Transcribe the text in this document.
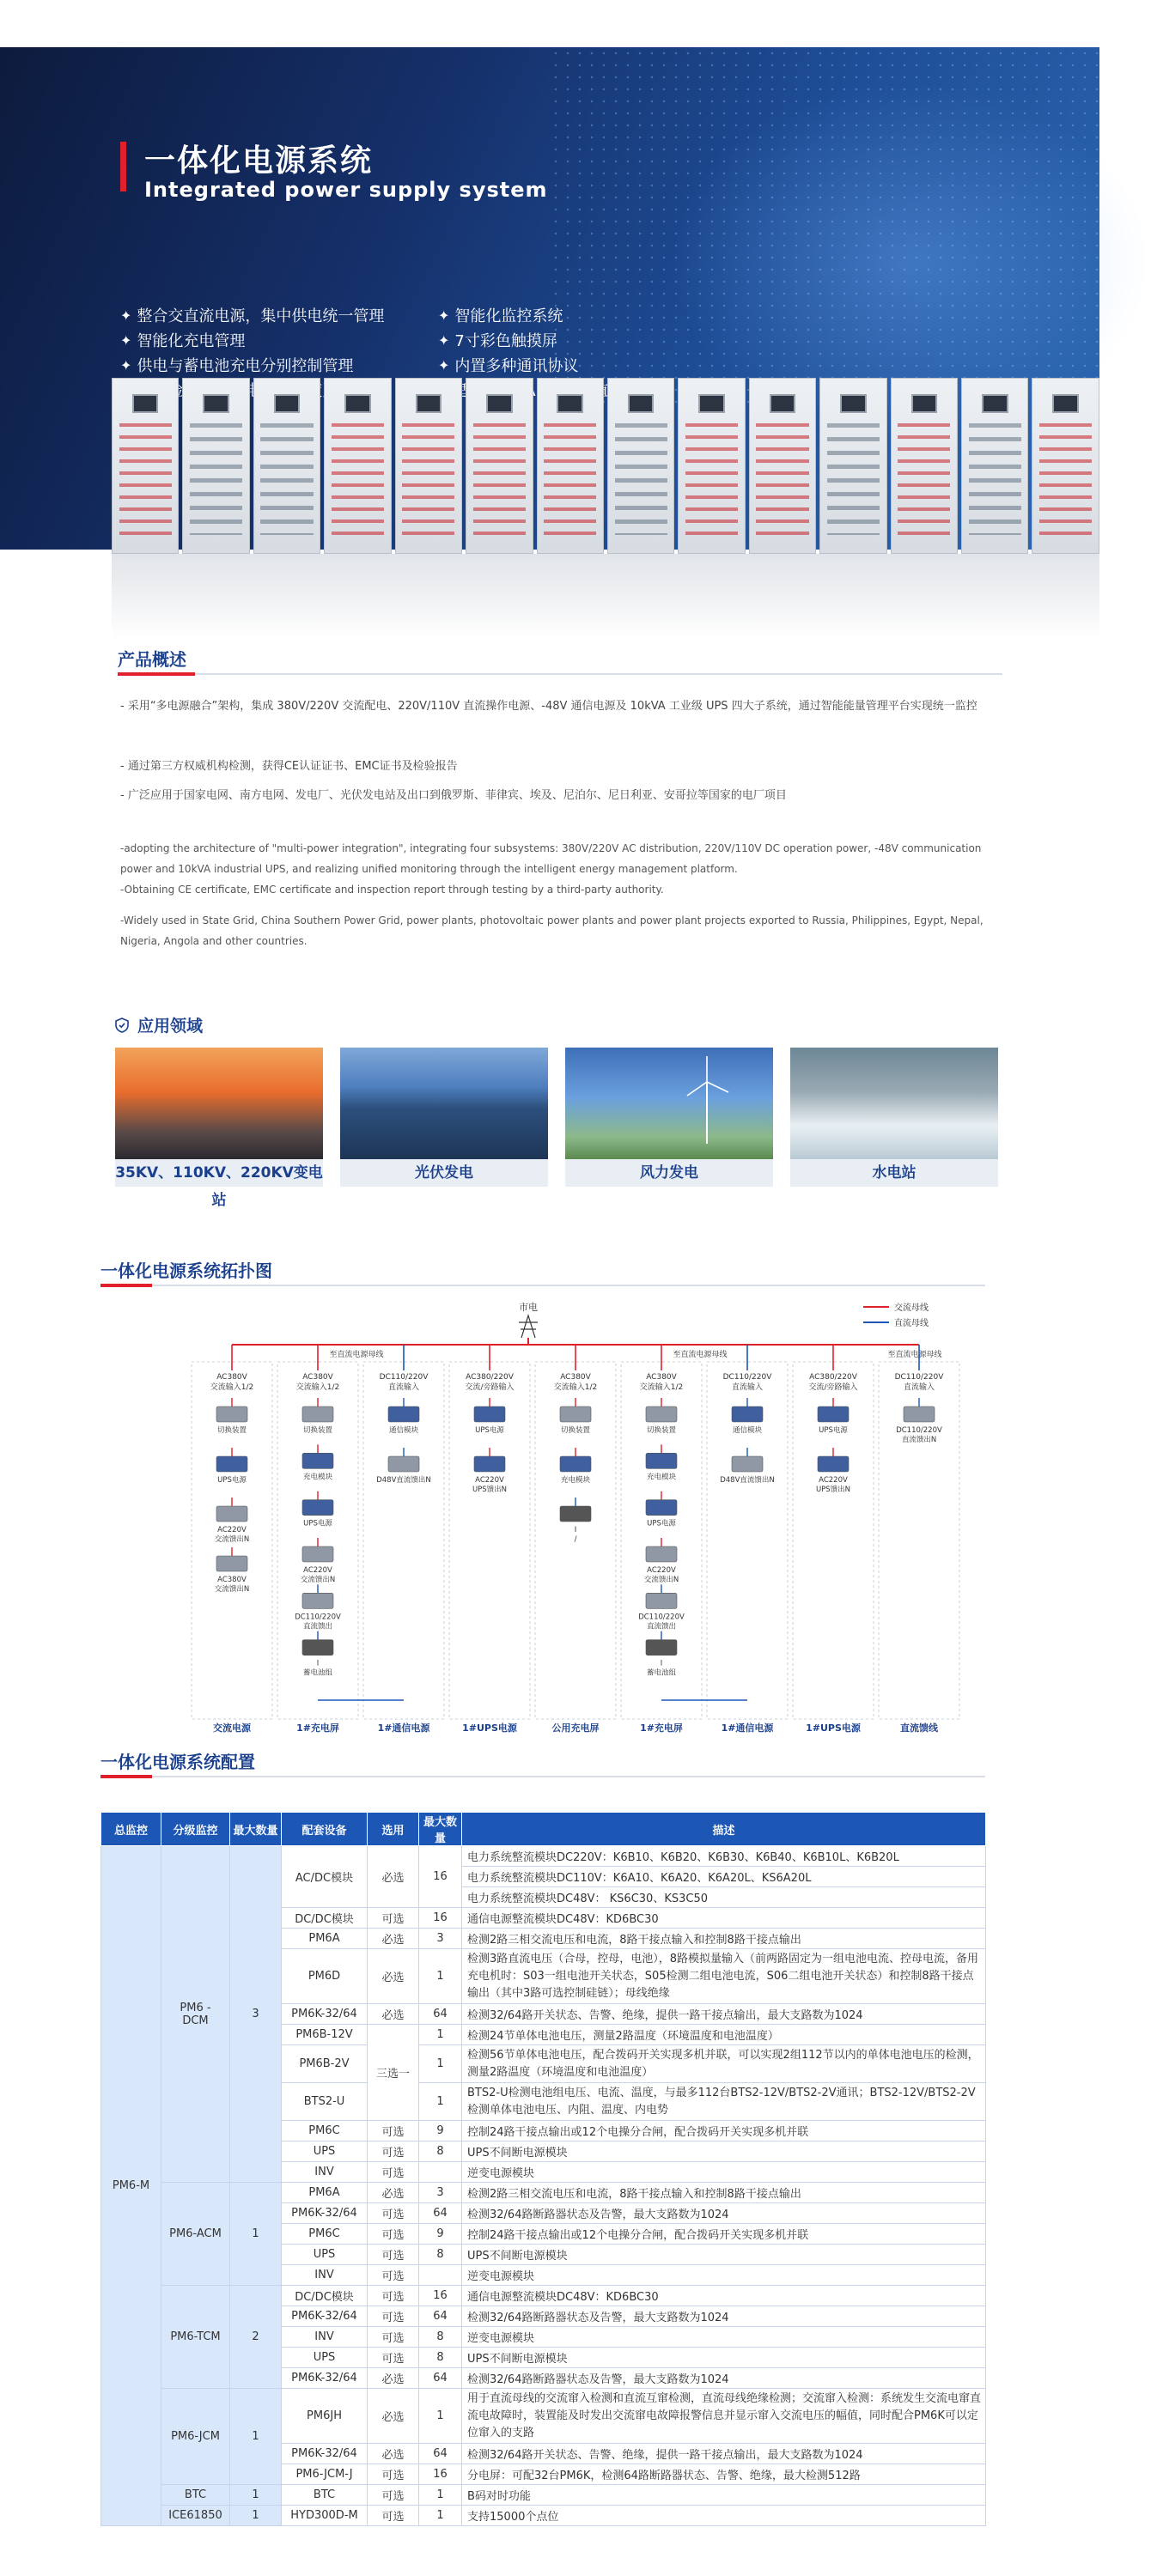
一体化电源系统
Integrated power supply system
✦ 整合交直流电源，集中供电统一管理	✦ 智能化监控系统
✦ 智能化充电管理	✦ 7寸彩色触摸屏
✦ 供电与蓄电池充电分别控制管理	✦ 内置多种通讯协议
产品概述
- 采用“多电源融合”架构，集成 380V/220V 交流配电、220V/110V 直流操作电源、-48V 通信电源及 10kVA 工业级 UPS 四大子系统，通过智能能量管理平台实现统一监控
- 通过第三方权威机构检测，获得CE认证证书、EMC证书及检验报告
- 广泛应用于国家电网、南方电网、发电厂、光伏发电站及出口到俄罗斯、菲律宾、埃及、尼泊尔、尼日利亚、安哥拉等国家的电厂项目
-adopting the architecture of "multi-power integration", integrating four subsystems: 380V/220V AC distribution, 220V/110V DC operation power, -48V communication power and 10kVA industrial UPS, and realizing unified monitoring through the intelligent energy management platform.
-Obtaining CE certificate, EMC certificate and inspection report through testing by a third-party authority.
-Widely used in State Grid, China Southern Power Grid, power plants, photovoltaic power plants and power plant projects exported to Russia, Philippines, Egypt, Nepal, Nigeria, Angola and other countries.
应用领域
35KV、110KV、220KV变电站
光伏发电	风力发电	水电站
一体化电源系统拓扑图
交流母线
直流母线
市电
至直流电源母线	至直流电源母线	至直流电源母线
AC380V
交流输入1/2
切换装置
UPS电源
AC220V
交流馈出N
AC380V
交流馈出N
交流电源
AC380V
交流输入1/2
切换装置
充电模块
UPS电源
AC220V
交流馈出N
DC110/220V
直流馈出
I
蓄电池组
1#充电屏
DC110/220V
直流输入
通信模块
D48V直流馈出N
1#通信电源
AC380/220V
交流/旁路输入
UPS电源
AC220V
UPS馈出N
1#UPS电源
AC380V
交流输入1/2
切换装置
充电模块
I
/
公用充电屏
AC380V
交流输入1/2
切换装置
充电模块
UPS电源
AC220V
交流馈出N
DC110/220V
直流馈出
I
蓄电池组
1#充电屏
DC110/220V
直流输入
通信模块
D48V直流馈出N
1#通信电源
AC380/220V
交流/旁路输入
UPS电源
AC220V
UPS馈出N
1#UPS电源
DC110/220V
直流输入
DC110/220V
直流馈出N
直流馈线
一体化电源系统配置
总监控	分级监控	最大数量	配套设备	选用	最大数量	描述
PM6-M	PM6 - DCM	3	AC/DC模块	必选	16	电力系统整流模块DC220V：K6B10、K6B20、K6B30、K6B40、K6B10L、K6B20L
						电力系统整流模块DC110V：K6A10、K6A20、K6A20L、KS6A20L
						电力系统整流模块DC48V： KS6C30、KS3C50
			DC/DC模块	可选	16	通信电源整流模块DC48V：KD6BC30
			PM6A	必选	3	检测2路三相交流电压和电流，8路干接点输入和控制8路干接点输出
			PM6D	必选	1	检测3路直流电压（合母，控母，电池），8路模拟量输入（前两路固定为一组电池电流、控母电流，备用充电机时：S03一组电池开关状态，S05检测二组电池电流，S06二组电池开关状态）和控制8路干接点输出（其中3路可选控制硅链）；母线绝缘
			PM6K-32/64	必选	64	检测32/64路开关状态、告警、绝缘，提供一路干接点输出，最大支路数为1024
			PM6B-12V	三选一	1	检测24节单体电池电压，测量2路温度（环境温度和电池温度）
			PM6B-2V		1	检测56节单体电池电压，配合拨码开关实现多机并联，可以实现2组112节以内的单体电池电压的检测，测量2路温度（环境温度和电池温度）
			BTS2-U		1	BTS2-U检测电池组电压、电流、温度，与最多112台BTS2-12V/BTS2-2V通讯；BTS2-12V/BTS2-2V检测单体电池电压、内阻、温度、内电势
			PM6C	可选	9	控制24路干接点输出或12个电操分合闸，配合拨码开关实现多机并联
			UPS	可选	8	UPS不间断电源模块
			INV	可选		逆变电源模块
	PM6-ACM	1	PM6A	必选	3	检测2路三相交流电压和电流，8路干接点输入和控制8路干接点输出
			PM6K-32/64	可选	64	检测32/64路断路器状态及告警，最大支路数为1024
			PM6C	可选	9	控制24路干接点输出或12个电操分合闸，配合拨码开关实现多机并联
			UPS	可选	8	UPS不间断电源模块
			INV	可选		逆变电源模块
	PM6-TCM	2	DC/DC模块	可选	16	通信电源整流模块DC48V：KD6BC30
			PM6K-32/64	可选	64	检测32/64路断路器状态及告警，最大支路数为1024
			INV	可选	8	逆变电源模块
			UPS	可选	8	UPS不间断电源模块
			PM6K-32/64	必选	64	检测32/64路断路器状态及告警，最大支路数为1024
	PM6-JCM	1	PM6JH	必选	1	用于直流母线的交流窜入检测和直流互窜检测，直流母线绝缘检测；交流窜入检测：系统发生交流电窜直流电故障时，装置能及时发出交流窜电故障报警信息并显示窜入交流电压的幅值，同时配合PM6K可以定位窜入的支路

			PM6K-32/64	必选	64	检测32/64路开关状态、告警、绝缘，提供一路干接点输出，最大支路数为1024
			PM6-JCM-J	可选	16	分电屏：可配32台PM6K，检测64路断路器状态、告警、绝缘，最大检测512路
	BTC	1	BTC	可选	1	B码对时功能
	ICE61850	1	HYD300D-M	可选	1	支持15000个点位
